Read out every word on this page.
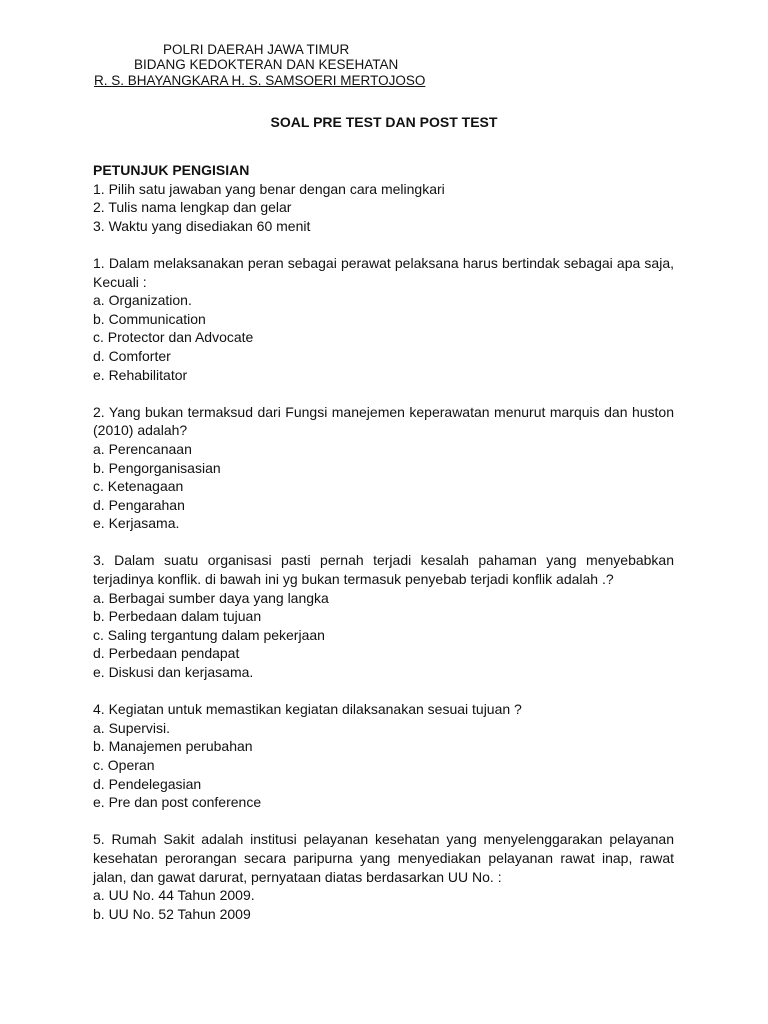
POLRI DAERAH JAWA TIMUR
BIDANG KEDOKTERAN DAN KESEHATAN
R. S. BHAYANGKARA H. S. SAMSOERI MERTOJOSO
SOAL PRE TEST DAN POST TEST
PETUNJUK PENGISIAN
1. Pilih satu jawaban yang benar dengan cara melingkari
2. Tulis nama lengkap dan gelar
3. Waktu yang disediakan 60 menit
1. Dalam melaksanakan peran sebagai perawat pelaksana harus bertindak sebagai apa saja, Kecuali :
a. Organization.
b. Communication
c. Protector dan Advocate
d. Comforter
e. Rehabilitator
2. Yang bukan termaksud dari Fungsi manejemen keperawatan menurut marquis dan huston (2010) adalah?
a. Perencanaan
b. Pengorganisasian
c. Ketenagaan
d. Pengarahan
e. Kerjasama.
3. Dalam suatu organisasi pasti pernah terjadi kesalah pahaman yang menyebabkan terjadinya konflik. di bawah ini yg bukan termasuk penyebab terjadi konflik adalah .?
a. Berbagai sumber daya yang langka
b. Perbedaan dalam tujuan
c. Saling tergantung dalam pekerjaan
d. Perbedaan pendapat
e. Diskusi dan kerjasama.
4. Kegiatan untuk memastikan kegiatan dilaksanakan sesuai tujuan ?
a. Supervisi.
b. Manajemen perubahan
c. Operan
d. Pendelegasian
e. Pre dan post conference
5. Rumah Sakit adalah institusi pelayanan kesehatan yang menyelenggarakan pelayanan kesehatan perorangan secara paripurna yang menyediakan pelayanan rawat inap, rawat jalan, dan gawat darurat, pernyataan diatas berdasarkan UU No. :
a. UU No. 44 Tahun 2009.
b. UU No. 52 Tahun 2009
